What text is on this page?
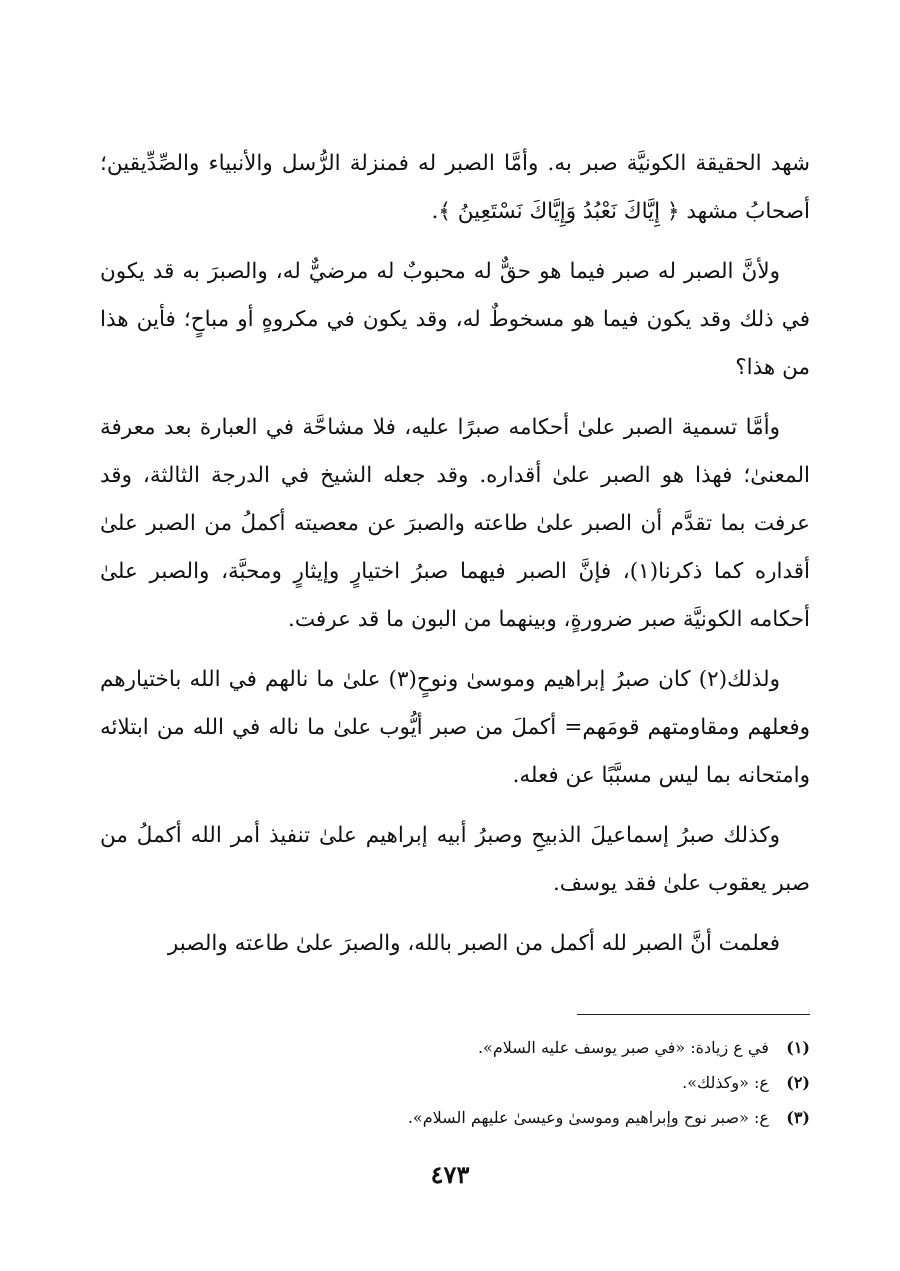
شهد الحقيقة الكونيَّة صبر به. وأمَّا الصبر له فمنزلة الرُّسل والأنبياء والصِّدِّيقين؛ أصحابُ مشهد ﴿ إِيَّاكَ نَعْبُدُ وَإِيَّاكَ نَسْتَعِينُ ﴾.

ولأنَّ الصبر له صبر فيما هو حقٌّ له محبوبٌ له مرضيٌّ له، والصبرَ به قد يكون في ذلك وقد يكون فيما هو مسخوطٌ له، وقد يكون في مكروهٍ أو مباحٍ؛ فأين هذا من هذا؟

وأمَّا تسمية الصبر علىٰ أحكامه صبرًا عليه، فلا مشاحَّة في العبارة بعد معرفة المعنىٰ؛ فهذا هو الصبر علىٰ أقداره. وقد جعله الشيخ في الدرجة الثالثة، وقد عرفت بما تقدَّم أن الصبر علىٰ طاعته والصبرَ عن معصيته أكملُ من الصبر علىٰ أقداره كما ذكرنا(١)، فإنَّ الصبر فيهما صبرُ اختيارٍ وإيثارٍ ومحبَّة، والصبر علىٰ أحكامه الكونيَّة صبر ضرورةٍ، وبينهما من البون ما قد عرفت.

ولذلك(٢) كان صبرُ إبراهيم وموسىٰ ونوحٍ(٣) علىٰ ما نالهم في الله باختيارهم وفعلهم ومقاومتهم قومَهم= أكملَ من صبر أيُّوب علىٰ ما ناله في الله من ابتلائه وامتحانه بما ليس مسبَّبًا عن فعله.

وكذلك صبرُ إسماعيلَ الذبيحِ وصبرُ أبيه إبراهيم علىٰ تنفيذ أمر الله أكملُ من صبر يعقوب علىٰ فقد يوسف.

فعلمت أنَّ الصبر لله أكمل من الصبر بالله، والصبرَ علىٰ طاعته والصبر

(١) في ع زيادة: «في صبر يوسف عليه السلام».
(٢) ع: «وكذلك».
(٣) ع: «صبر نوح وإبراهيم وموسىٰ وعيسىٰ عليهم السلام».
٤٧٣
